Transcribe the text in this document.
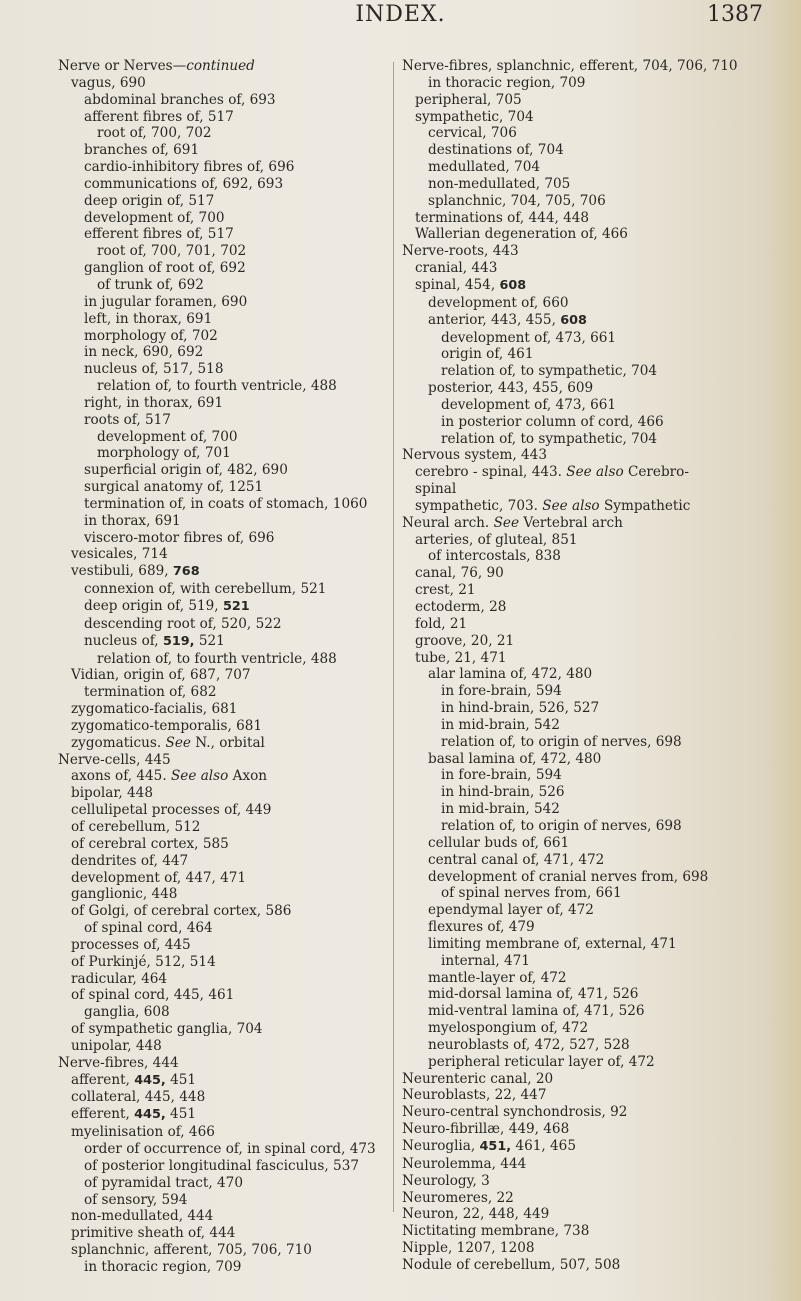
INDEX.	1387
Nerve or Nerves—continued
vagus, 690
abdominal branches of, 693
afferent fibres of, 517
root of, 700, 702
branches of, 691
cardio-inhibitory fibres of, 696
communications of, 692, 693
deep origin of, 517
development of, 700
efferent fibres of, 517
root of, 700, 701, 702
ganglion of root of, 692
of trunk of, 692
in jugular foramen, 690
left, in thorax, 691
morphology of, 702
in neck, 690, 692
nucleus of, 517, 518
relation of, to fourth ventricle, 488
right, in thorax, 691
roots of, 517
development of, 700
morphology of, 701
superficial origin of, 482, 690
surgical anatomy of, 1251
termination of, in coats of stomach, 1060
in thorax, 691
viscero-motor fibres of, 696
vesicales, 714
vestibuli, 689, 768
connexion of, with cerebellum, 521
deep origin of, 519, 521
descending root of, 520, 522
nucleus of, 519, 521
relation of, to fourth ventricle, 488
Vidian, origin of, 687, 707
termination of, 682
zygomatico-facialis, 681
zygomatico-temporalis, 681
zygomaticus. See N., orbital
Nerve-cells, 445
axons of, 445. See also Axon
bipolar, 448
cellulipetal processes of, 449
of cerebellum, 512
of cerebral cortex, 585
dendrites of, 447
development of, 447, 471
ganglionic, 448
of Golgi, of cerebral cortex, 586
of spinal cord, 464
processes of, 445
of Purkinjé, 512, 514
radicular, 464
of spinal cord, 445, 461
ganglia, 608
of sympathetic ganglia, 704
unipolar, 448
Nerve-fibres, 444
afferent, 445, 451
collateral, 445, 448
efferent, 445, 451
myelinisation of, 466
order of occurrence of, in spinal cord, 473
of posterior longitudinal fasciculus, 537
of pyramidal tract, 470
of sensory, 594
non-medullated, 444
primitive sheath of, 444
splanchnic, afferent, 705, 706, 710
in thoracic region, 709
Nerve-fibres, splanchnic, efferent, 704, 706, 710
in thoracic region, 709
peripheral, 705
sympathetic, 704
cervical, 706
destinations of, 704
medullated, 704
non-medullated, 705
splanchnic, 704, 705, 706
terminations of, 444, 448
Wallerian degeneration of, 466
Nerve-roots, 443
cranial, 443
spinal, 454, 608
development of, 660
anterior, 443, 455, 608
development of, 473, 661
origin of, 461
relation of, to sympathetic, 704
posterior, 443, 455, 609
development of, 473, 661
in posterior column of cord, 466
relation of, to sympathetic, 704
Nervous system, 443
cerebro - spinal, 443. See also Cerebro-
spinal
sympathetic, 703. See also Sympathetic
Neural arch. See Vertebral arch
arteries, of gluteal, 851
of intercostals, 838
canal, 76, 90
crest, 21
ectoderm, 28
fold, 21
groove, 20, 21
tube, 21, 471
alar lamina of, 472, 480
in fore-brain, 594
in hind-brain, 526, 527
in mid-brain, 542
relation of, to origin of nerves, 698
basal lamina of, 472, 480
in fore-brain, 594
in hind-brain, 526
in mid-brain, 542
relation of, to origin of nerves, 698
cellular buds of, 661
central canal of, 471, 472
development of cranial nerves from, 698
of spinal nerves from, 661
ependymal layer of, 472
flexures of, 479
limiting membrane of, external, 471
internal, 471
mantle-layer of, 472
mid-dorsal lamina of, 471, 526
mid-ventral lamina of, 471, 526
myelospongium of, 472
neuroblasts of, 472, 527, 528
peripheral reticular layer of, 472
Neurenteric canal, 20
Neuroblasts, 22, 447
Neuro-central synchondrosis, 92
Neuro-fibrillæ, 449, 468
Neuroglia, 451, 461, 465
Neurolemma, 444
Neurology, 3
Neuromeres, 22
Neuron, 22, 448, 449
Nictitating membrane, 738
Nipple, 1207, 1208
Nodule of cerebellum, 507, 508
